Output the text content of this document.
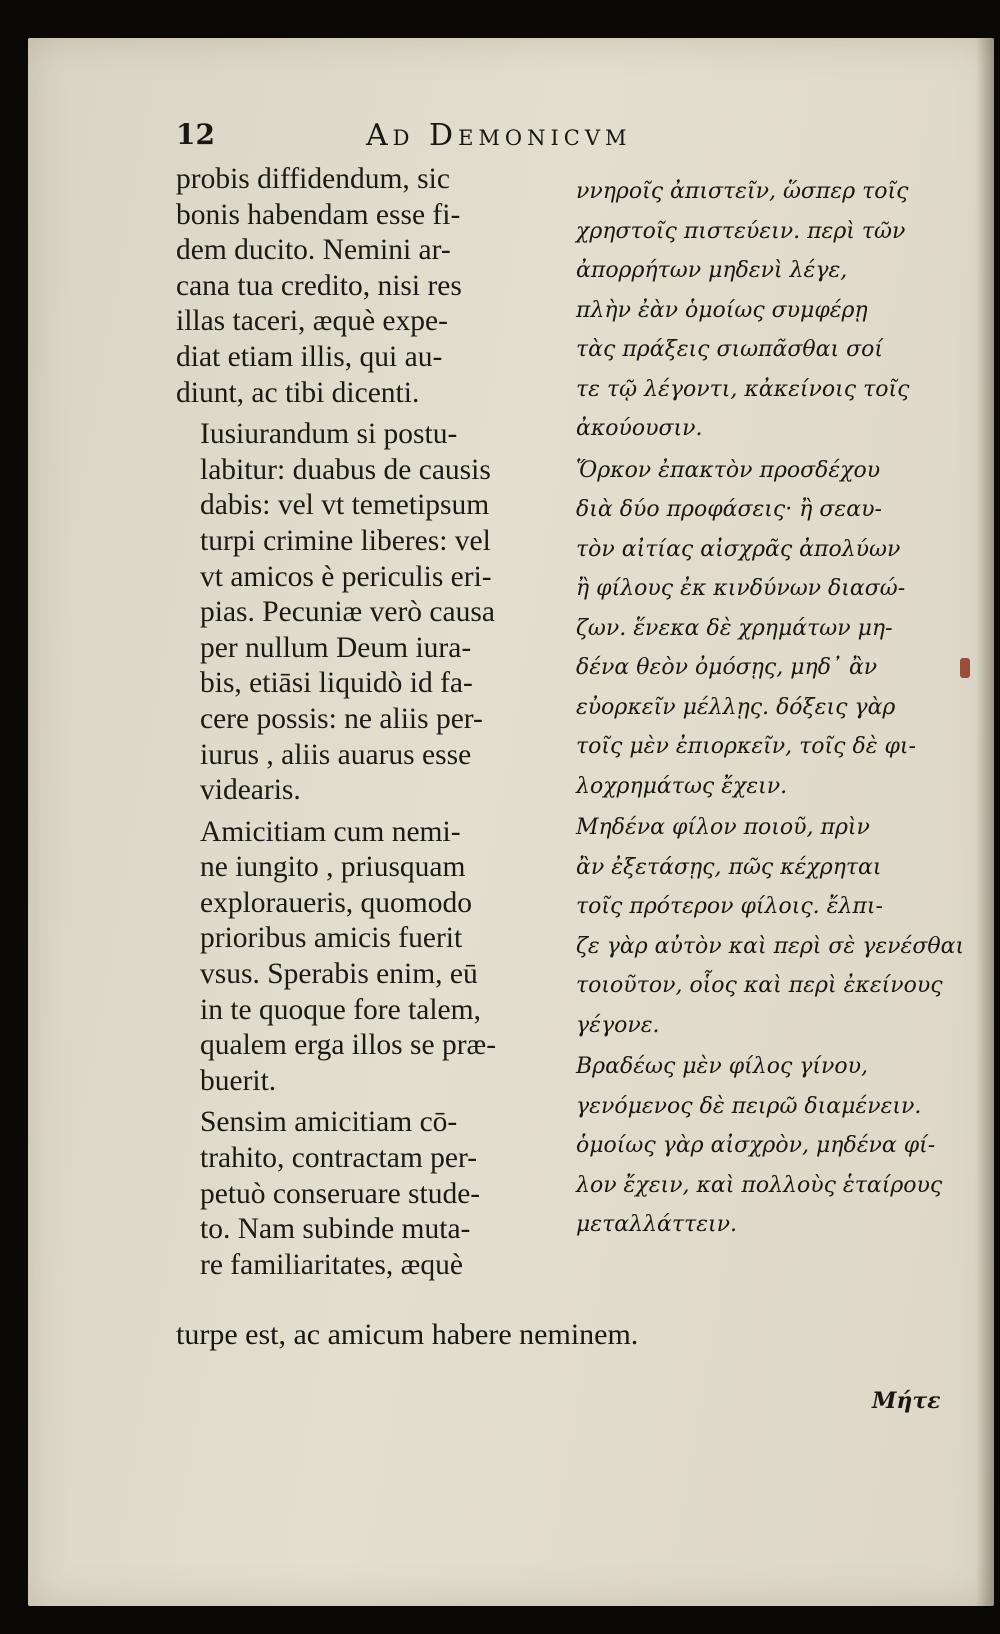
12	Ad Demonicvm

probis diffidendum, sic
bonis habendam esse fi-
dem ducito. Nemini ar-
cana tua credito, nisi res
illas taceri, æquè expe-
diat etiam illis, qui au-
diunt, ac tibi dicenti.

Iusiurandum si postu-
labitur: duabus de causis
dabis: vel vt temetipsum
turpi crimine liberes: vel
vt amicos è periculis eri-
pias. Pecuniæ verò causa
per nullum Deum iura-
bis, etiāsi liquidò id fa-
cere possis: ne aliis per-
iurus , aliis auarus esse
videaris.

Amicitiam cum nemi-
ne iungito , priusquam
exploraueris, quomodo
prioribus amicis fuerit
vsus. Sperabis enim, eū
in te quoque fore talem,
qualem erga illos se præ-
buerit.

Sensim amicitiam cō-
trahito, contractam per-
petuò conseruare stude-
to. Nam subinde muta-
re familiaritates, æquè

ννηροῖς ἀπιστεῖν, ὥσπερ τοῖς
χρηστοῖς πιστεύειν. περὶ τῶν
ἀπορρήτων μηδενὶ λέγε,
πλὴν ἐὰν ὁμοίως συμφέρῃ
τὰς πράξεις σιωπᾶσθαι σοί
τε τῷ λέγοντι, κἀκείνοις τοῖς
ἀκούουσιν.

Ὅρκον ἐπακτὸν προσδέχου
διὰ δύο προφάσεις· ἢ σεαυ-
τὸν αἰτίας αἰσχρᾶς ἀπολύων
ἢ φίλους ἐκ κινδύνων διασώ-
ζων. ἕνεκα δὲ χρημάτων μη-
δένα θεὸν ὀμόσῃς, μηδ᾽ ἂν
εὐορκεῖν μέλλῃς. δόξεις γὰρ
τοῖς μὲν ἐπιορκεῖν, τοῖς δὲ φι-
λοχρημάτως ἔχειν.

Μηδένα φίλον ποιοῦ, πρὶν
ἂν ἐξετάσῃς, πῶς κέχρηται
τοῖς πρότερον φίλοις. ἔλπι-
ζε γὰρ αὐτὸν καὶ περὶ σὲ γενέσθαι
τοιοῦτον, οἷος καὶ περὶ ἐκείνους
γέγονε.

Βραδέως μὲν φίλος γίνου,
γενόμενος δὲ πειρῶ διαμένειν.
ὁμοίως γὰρ αἰσχρὸν, μηδένα φί-
λον ἔχειν, καὶ πολλοὺς ἑταίρους
μεταλλάττειν.

turpe est, ac amicum habere neminem.
Μήτε
